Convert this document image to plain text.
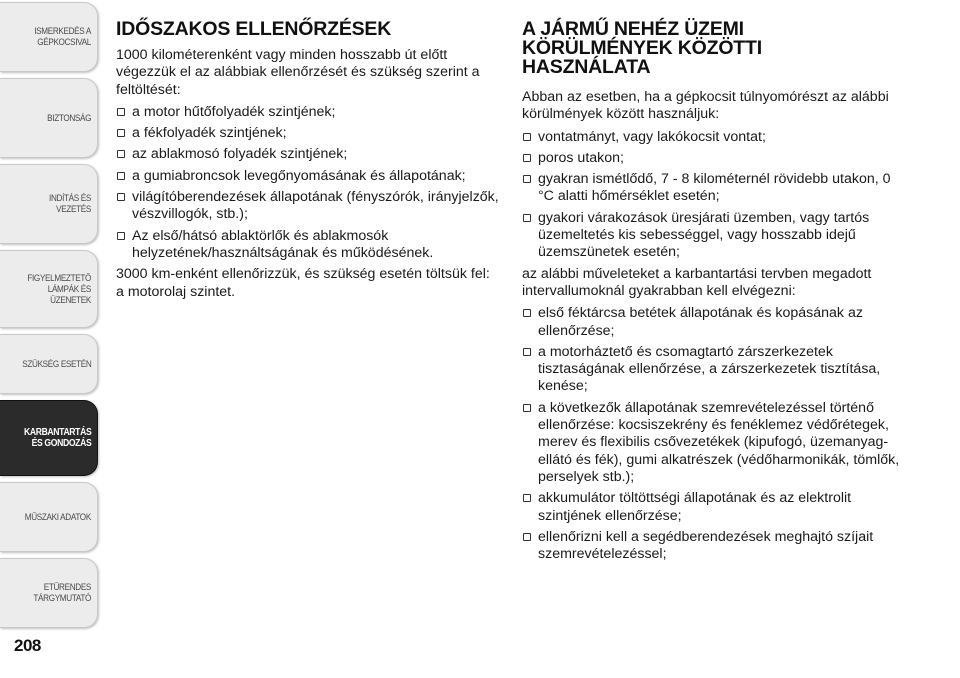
ISMERKEDÉS A
GÉPKOCSIVAL
BIZTONSÁG
INDÍTÁS ÉS VEZETÉS
FIGYELMEZTETŐ
LÁMPÁK ÉS
ÜZENETEK
SZÜKSÉG ESETÉN
KARBANTARTÁS
ÉS GONDOZÁS
MŰSZAKI ADATOK
ETŰRENDES
TÁRGYMUTATÓ
208
IDŐSZAKOS ELLENŐRZÉSEK

1000 kilométerenként vagy minden hosszabb út előtt végezzük el az alábbiak ellenőrzését és szükség szerint a feltöltését:

a motor hűtőfolyadék szintjének;
a fékfolyadék szintjének;
az ablakmosó folyadék szintjének;
a gumiabroncsok levegőnyomásának és állapotának;
világítóberendezések állapotának (fényszórók, irányjelzők, vészvillogók, stb.);
Az első/hátsó ablaktörlők és ablakmosók helyzetének/használtságának és működésének.

3000 km-enként ellenőrizzük, és szükség esetén töltsük fel: a motorolaj szintet.

A JÁRMŰ NEHÉZ ÜZEMI
KÖRÜLMÉNYEK KÖZÖTTI
HASZNÁLATA

Abban az esetben, ha a gépkocsit túlnyomórészt az alábbi körülmények között használjuk:

vontatmányt, vagy lakókocsit vontat;
poros utakon;
gyakran ismétlődő, 7 - 8 kilométernél rövidebb utakon, 0 °C alatti hőmérséklet esetén;
gyakori várakozások üresjárati üzemben, vagy tartós üzemeltetés kis sebességgel, vagy hosszabb idejű üzemszünetek esetén;

az alábbi műveleteket a karbantartási tervben megadott intervallumoknál gyakrabban kell elvégezni:

első féktárcsa betétek állapotának és kopásának az ellenőrzése;
a motorháztető és csomagtartó zárszerkezetek tisztaságának ellenőrzése, a zárszerkezetek tisztítása, kenése;
a következők állapotának szemrevételezéssel történő ellenőrzése: kocsiszekrény és fenéklemez védőrétegek, merev és flexibilis csővezetékek (kipufogó, üzemanyag-ellátó és fék), gumi alkatrészek (védőharmonikák, tömlők, perselyek stb.);
akkumulátor töltöttségi állapotának és az elektrolit szintjének ellenőrzése;
ellenőrizni kell a segédberendezések meghajtó szíjait szemrevételezéssel;
